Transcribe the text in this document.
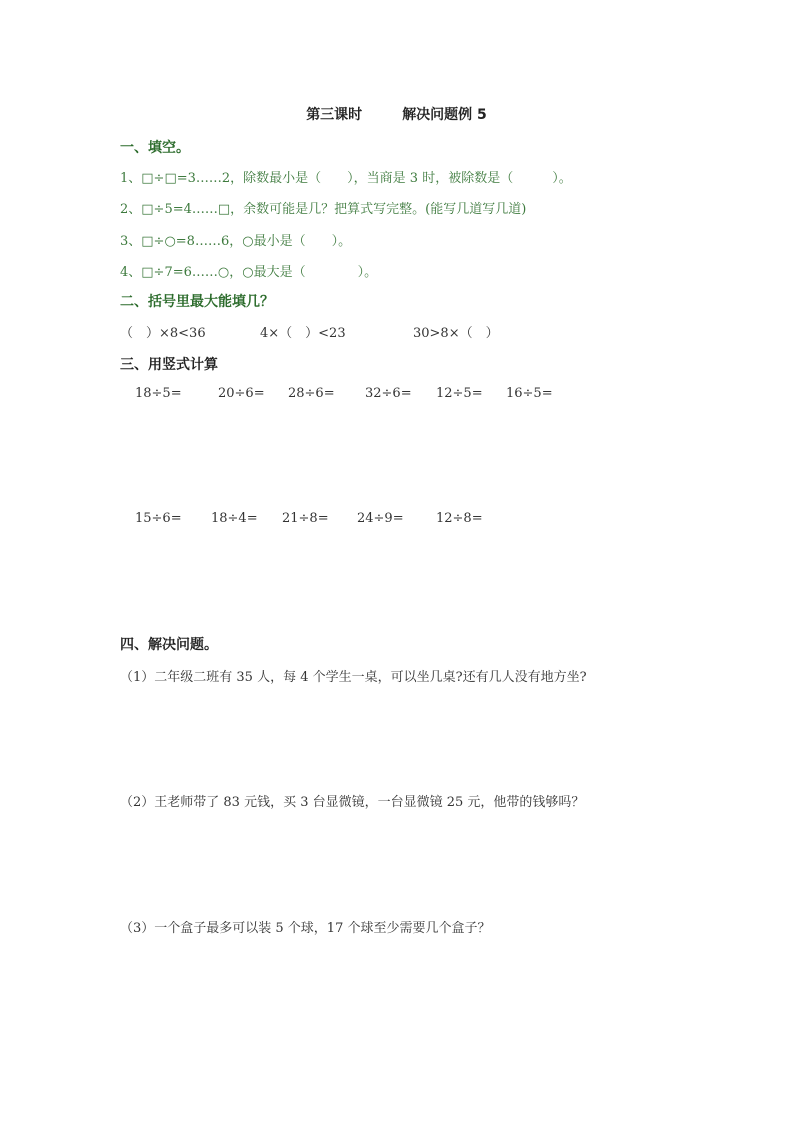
第三课时	解决问题例 5
一、填空。
1、□÷□=3……2，除数最小是（　　），当商是 3 时，被除数是（　　　）。
2、□÷5=4……□，余数可能是几？把算式写完整。(能写几道写几道)
3、□÷○=8……6，○最小是（　　）。
4、□÷7=6……○，○最大是（　　　　）。
二、括号里最大能填几？
（　）×8<36	4×（　）<23	30>8×（　）
三、用竖式计算
18÷5=	20÷6= 28÷6= 32÷6= 12÷5= 16÷5=
15÷6= 18÷4= 21÷8= 24÷9= 12÷8=
四、解决问题。
（1）二年级二班有 35 人，每 4 个学生一桌，可以坐几桌?还有几人没有地方坐?
（2）王老师带了 83 元钱，买 3 台显微镜，一台显微镜 25 元，他带的钱够吗？
（3）一个盒子最多可以装 5 个球，17 个球至少需要几个盒子？
